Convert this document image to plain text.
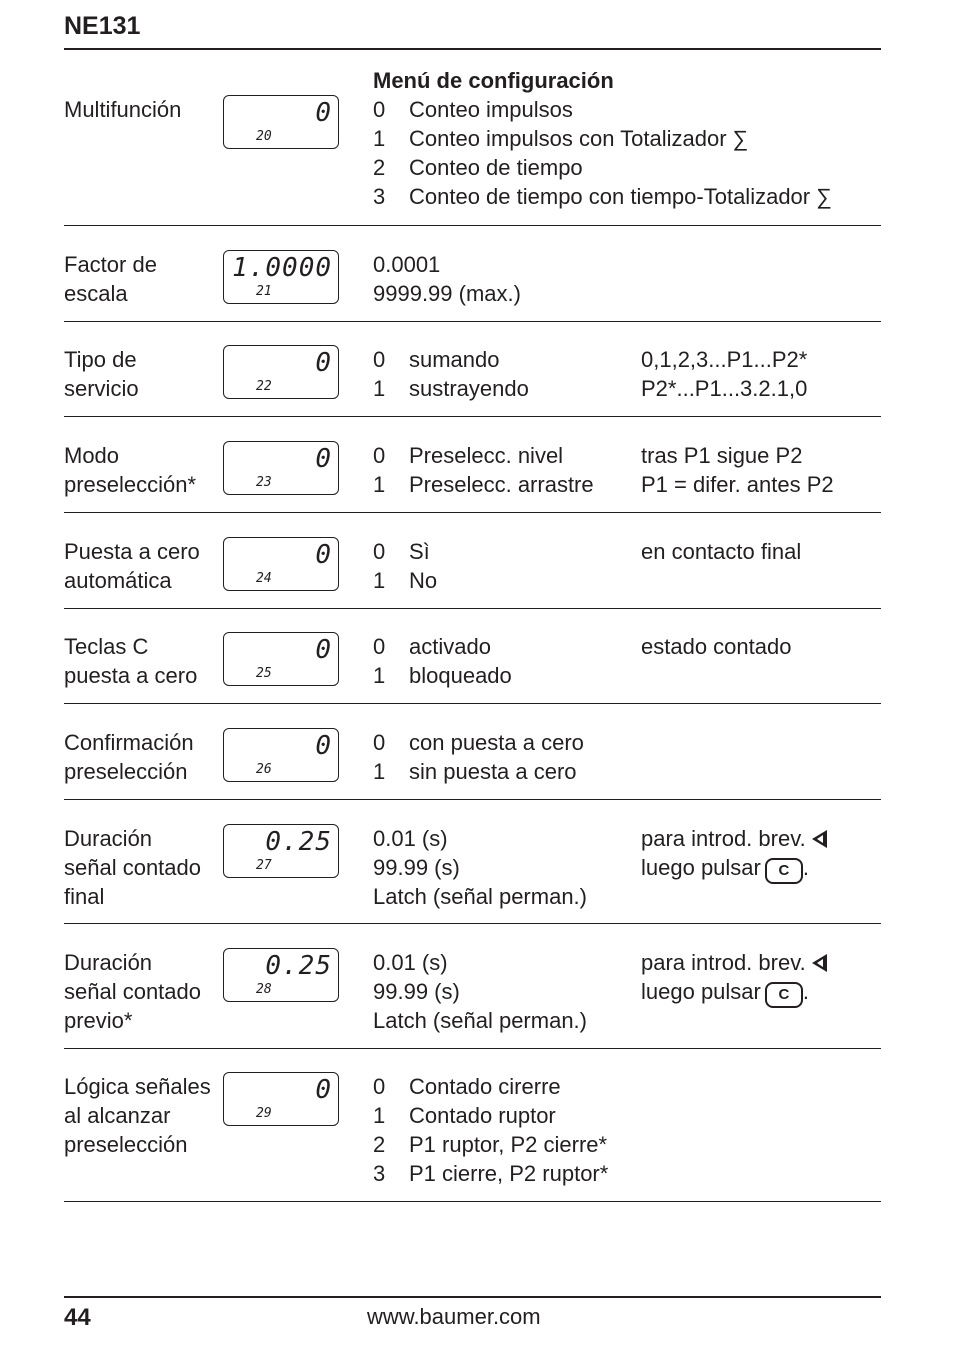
NE131
Multifunción	0
20
Menú de configuración
0 Conteo impulsos
1 Conteo impulsos con Totalizador ∑
2 Conteo de tiempo
3 Conteo de tiempo con tiempo-Totalizador ∑
Factor de
escala
1.0000
21
0.0001
9999.99 (max.)
Tipo de
servicio
0
22
0 sumando
1 sustrayendo
0,1,2,3...P1...P2*
P2*...P1...3.2.1,0
Modo
preselección*
0
23
0 Preselecc. nivel
1 Preselecc. arrastre
tras P1 sigue P2
P1 = difer. antes P2
Puesta a cero
automática
0
24
0 Sì
1 No
en contacto final
Teclas C
puesta a cero
0
25
0 activado
1 bloqueado
estado contado
Confirmación
preselección
0
26
0 con puesta a cero
1 sin puesta a cero
Duración
señal contado
final
0.25
27
0.01 (s)
99.99 (s)
Latch (señal perman.)
para introd. brev.
luego pulsar C .
Duración
señal contado
previo*
0.25
28
0.01 (s)
99.99 (s)
Latch (señal perman.)
para introd. brev.
luego pulsar C .
Lógica señales
al alcanzar
preselección
0
29
0 Contado cirerre
1 Contado ruptor
2 P1 ruptor, P2 cierre*
3 P1 cierre, P2 ruptor*
44	www.baumer.com
